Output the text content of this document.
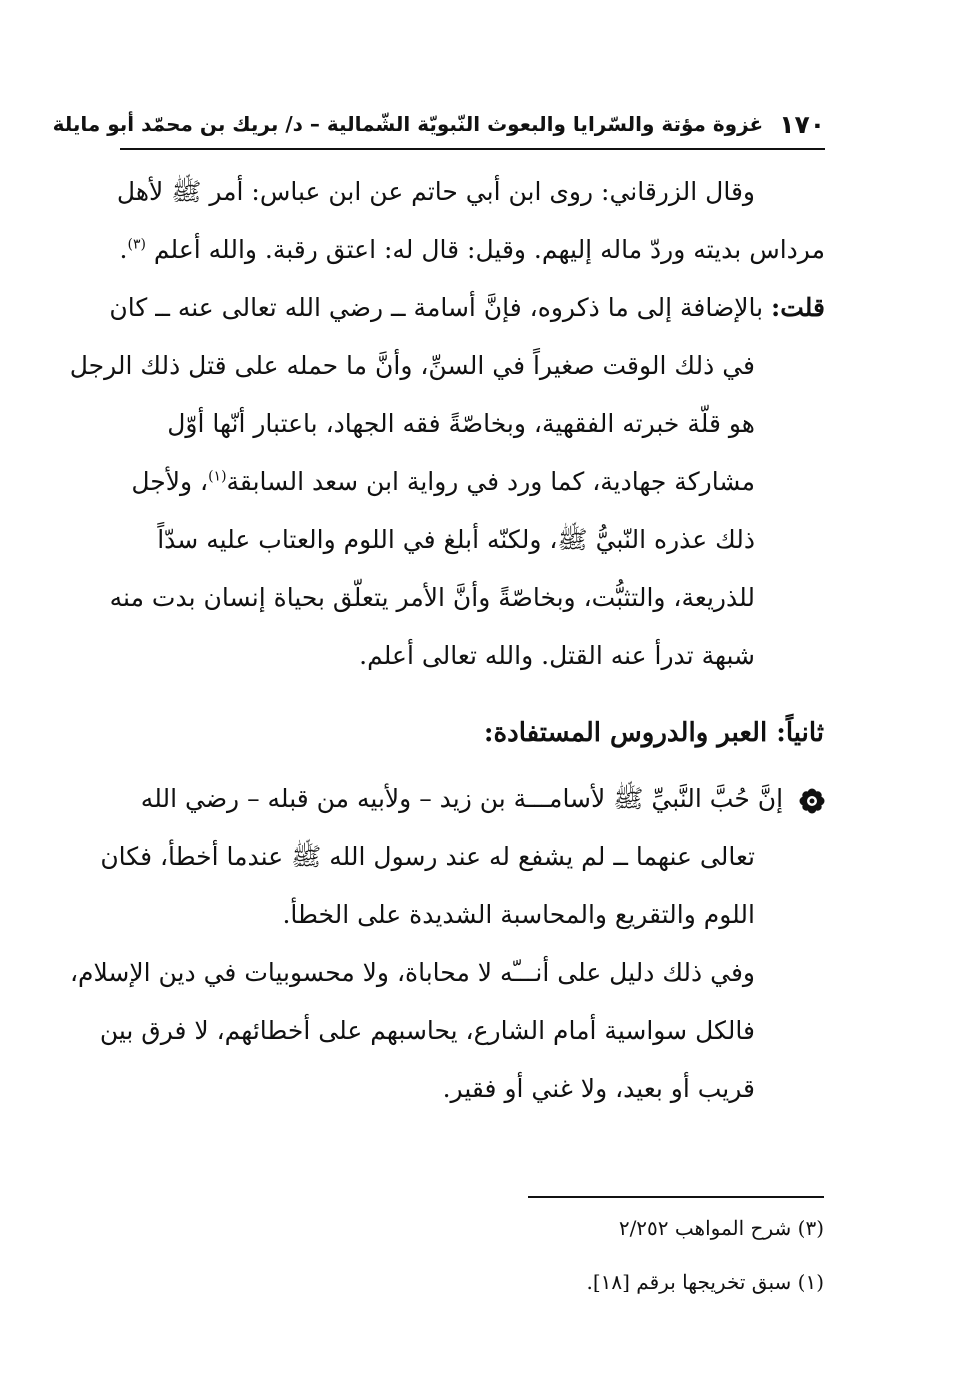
١٧٠
غزوة مؤتة والسّرايا والبعوث النّبويّة الشّمالية – د/ بريك بن محمّد أبو مايلة
وقال الزرقاني: روى ابن أبي حاتم عن ابن عباس: أمر ﷺ لأهل
مرداس بديته وردّ ماله إليهم. وقيل: قال له: اعتق رقبة. والله أعلم $^{(٣)}$.
قلت: بالإضافة إلى ما ذكروه، فإنَّ أسامة ــ رضي الله تعالى عنه ــ كان
في ذلك الوقت صغيراً في السنِّ، وأنَّ ما حمله على قتل ذلك الرجل
هو قلّة خبرته الفقهية، وبخاصّةً فقه الجهاد، باعتبار أنّها أوّل
مشاركة جهادية، كما ورد في رواية ابن سعد السابقة$^{(١)}$، ولأجل
ذلك عذره النّبيُّ ﷺ، ولكنّه أبلغ في اللوم والعتاب عليه سدّاً
للذريعة، والتثبُّت، وبخاصّةً وأنَّ الأمر يتعلّق بحياة إنسان بدت منه
شبهة تدرأ عنه القتل. والله تعالى أعلم.
ثانياً: العبر والدروس المستفادة:
إنَّ حُبَّ النَّبيِّ ﷺ لأسامـــة بن زيد – ولأبيه من قبله – رضي الله
تعالى عنهما ــ لم يشفع له عند رسول الله ﷺ عندما أخطأ، فكان
اللوم والتقريع والمحاسبة الشديدة على الخطأ.
وفي ذلك دليل على أنـــّه لا محاباة، ولا محسوبيات في دين الإسلام،
فالكل سواسية أمام الشارع، يحاسبهم على أخطائهم، لا فرق بين
قريب أو بعيد، ولا غني أو فقير.
(٣) شرح المواهب ٢/٢٥٢
(١) سبق تخريجها برقم [١٨].
